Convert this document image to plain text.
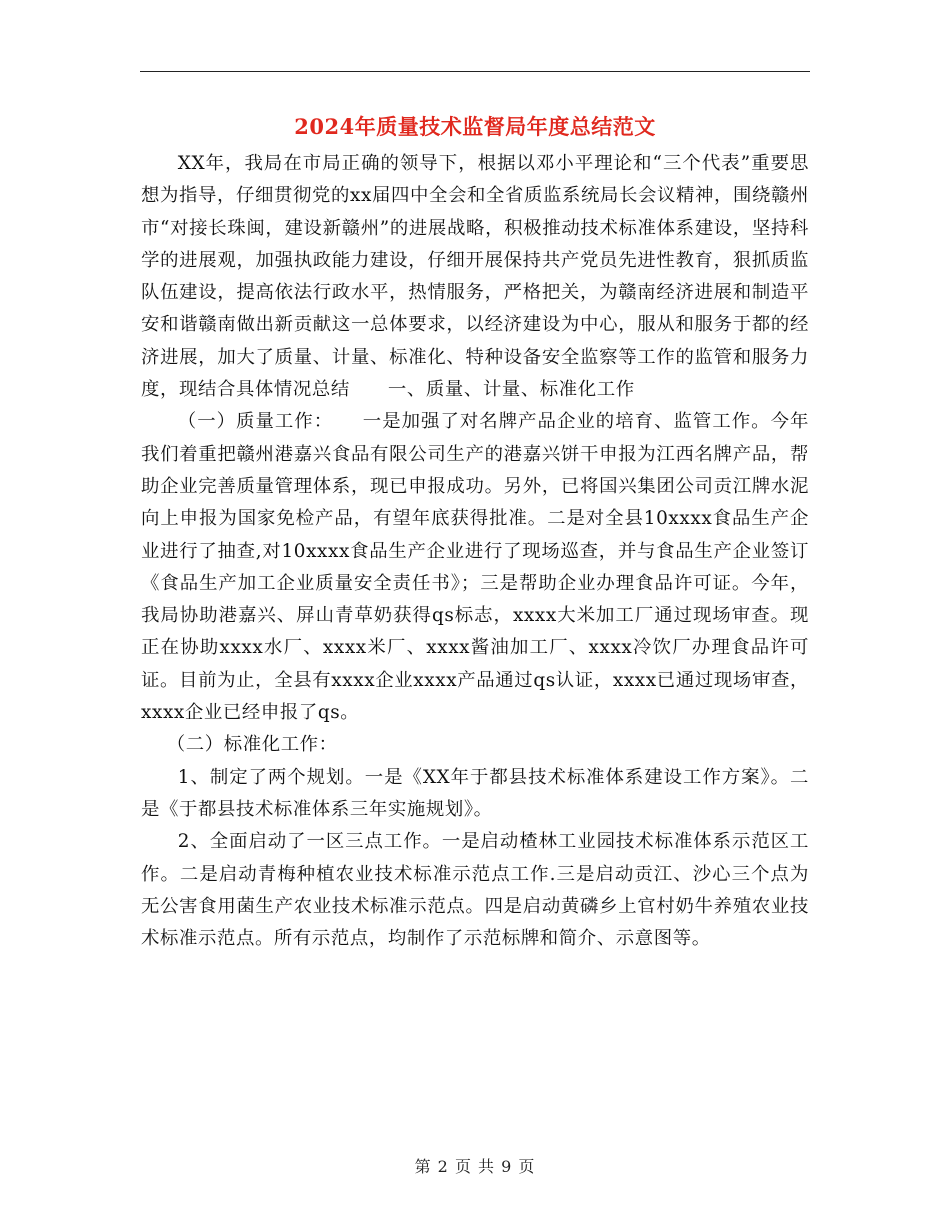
2024年质量技术监督局年度总结范文

XX年，我局在市局正确的领导下，根据以邓小平理论和“三个代表”重要思想为指导，仔细贯彻党的xx届四中全会和全省质监系统局长会议精神，围绕赣州市“对接长珠闽，建设新赣州”的进展战略，积极推动技术标准体系建设，坚持科学的进展观，加强执政能力建设，仔细开展保持共产党员先进性教育，狠抓质监队伍建设，提高依法行政水平，热情服务，严格把关，为赣南经济进展和制造平安和谐赣南做出新贡献这一总体要求，以经济建设为中心，服从和服务于都的经济进展，加大了质量、计量、标准化、特种设备安全监察等工作的监管和服务力度，现结合具体情况总结　　一、质量、计量、标准化工作

（一）质量工作：　　一是加强了对名牌产品企业的培育、监管工作。今年我们着重把赣州港嘉兴食品有限公司生产的港嘉兴饼干申报为江西名牌产品，帮助企业完善质量管理体系，现已申报成功。另外，已将国兴集团公司贡江牌水泥向上申报为国家免检产品，有望年底获得批准。二是对全县10xxxx食品生产企业进行了抽查,对10xxxx食品生产企业进行了现场巡查，并与食品生产企业签订《食品生产加工企业质量安全责任书》；三是帮助企业办理食品许可证。今年，我局协助港嘉兴、屏山青草奶获得qs标志，xxxx大米加工厂通过现场审查。现正在协助xxxx水厂、xxxx米厂、xxxx酱油加工厂、xxxx冷饮厂办理食品许可证。目前为止，全县有xxxx企业xxxx产品通过qs认证，xxxx已通过现场审查，xxxx企业已经申报了qs。

（二）标准化工作：

1、制定了两个规划。一是《XX年于都县技术标准体系建设工作方案》。二是《于都县技术标准体系三年实施规划》。

2、全面启动了一区三点工作。一是启动楂林工业园技术标准体系示范区工作。二是启动青梅种植农业技术标准示范点工作.三是启动贡江、沙心三个点为无公害食用菌生产农业技术标准示范点。四是启动黄磷乡上官村奶牛养殖农业技术标准示范点。所有示范点，均制作了示范标牌和简介、示意图等。

第 2 页 共 9 页
